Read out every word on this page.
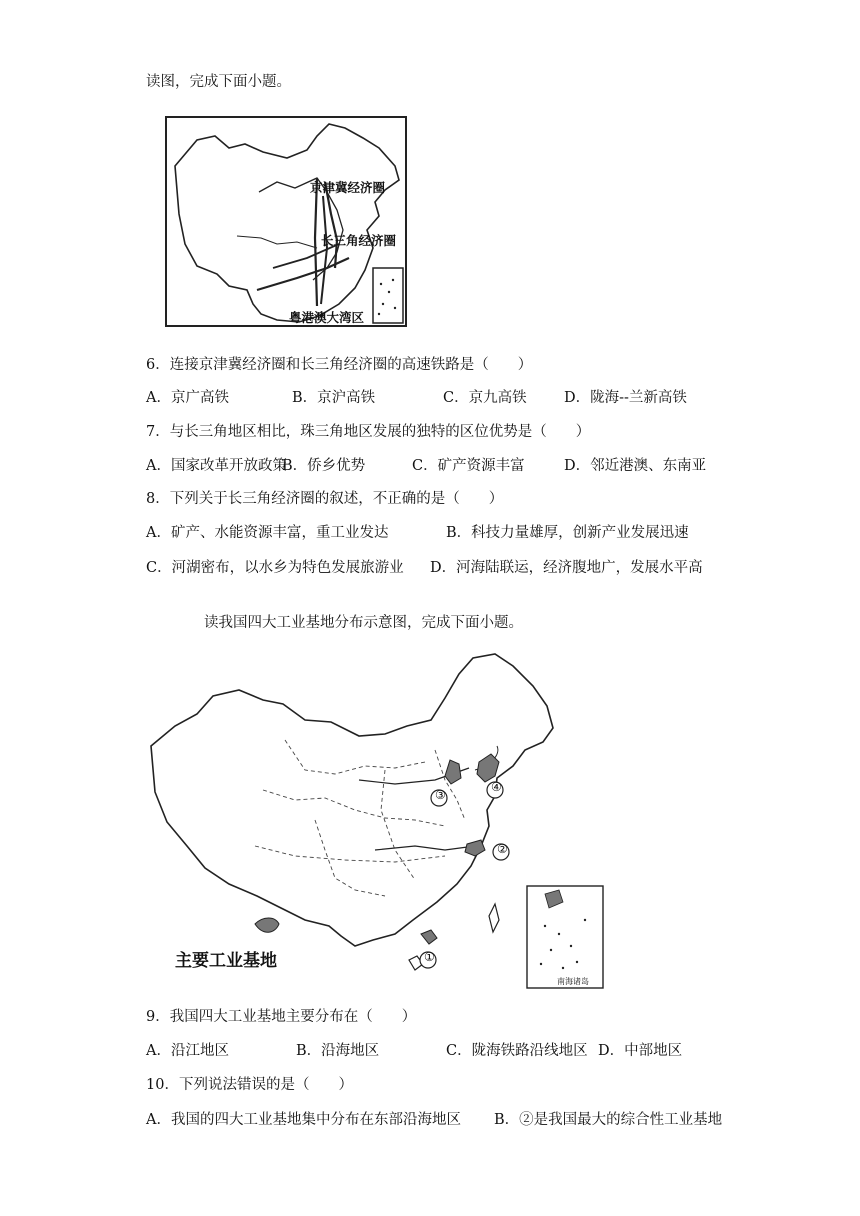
读图，完成下面小题。
京津冀经济圈
长三角经济圈
粤港澳大湾区
6．连接京津冀经济圈和长三角经济圈的高速铁路是（　　）
A．京广高铁	B．京沪高铁	C．京九高铁	D．陇海--兰新高铁
7．与长三角地区相比，珠三角地区发展的独特的区位优势是（　　）
A．国家改革开放政策
B．侨乡优势	C．矿产资源丰富	D．邻近港澳、东南亚
8．下列关于长三角经济圈的叙述，不正确的是（　　）
A．矿产、水能资源丰富，重工业发达	B．科技力量雄厚，创新产业发展迅速
C．河湖密布，以水乡为特色发展旅游业 D．河海陆联运，经济腹地广，发展水平高
读我国四大工业基地分布示意图，完成下面小题。
③
④
②
①
主要工业基地
南海诸岛
9．我国四大工业基地主要分布在（　　）
A．沿江地区	B．沿海地区	C．陇海铁路沿线地区 D．中部地区
10．下列说法错误的是（　　）
A．我国的四大工业基地集中分布在东部沿海地区 B．②是我国最大的综合性工业基地
